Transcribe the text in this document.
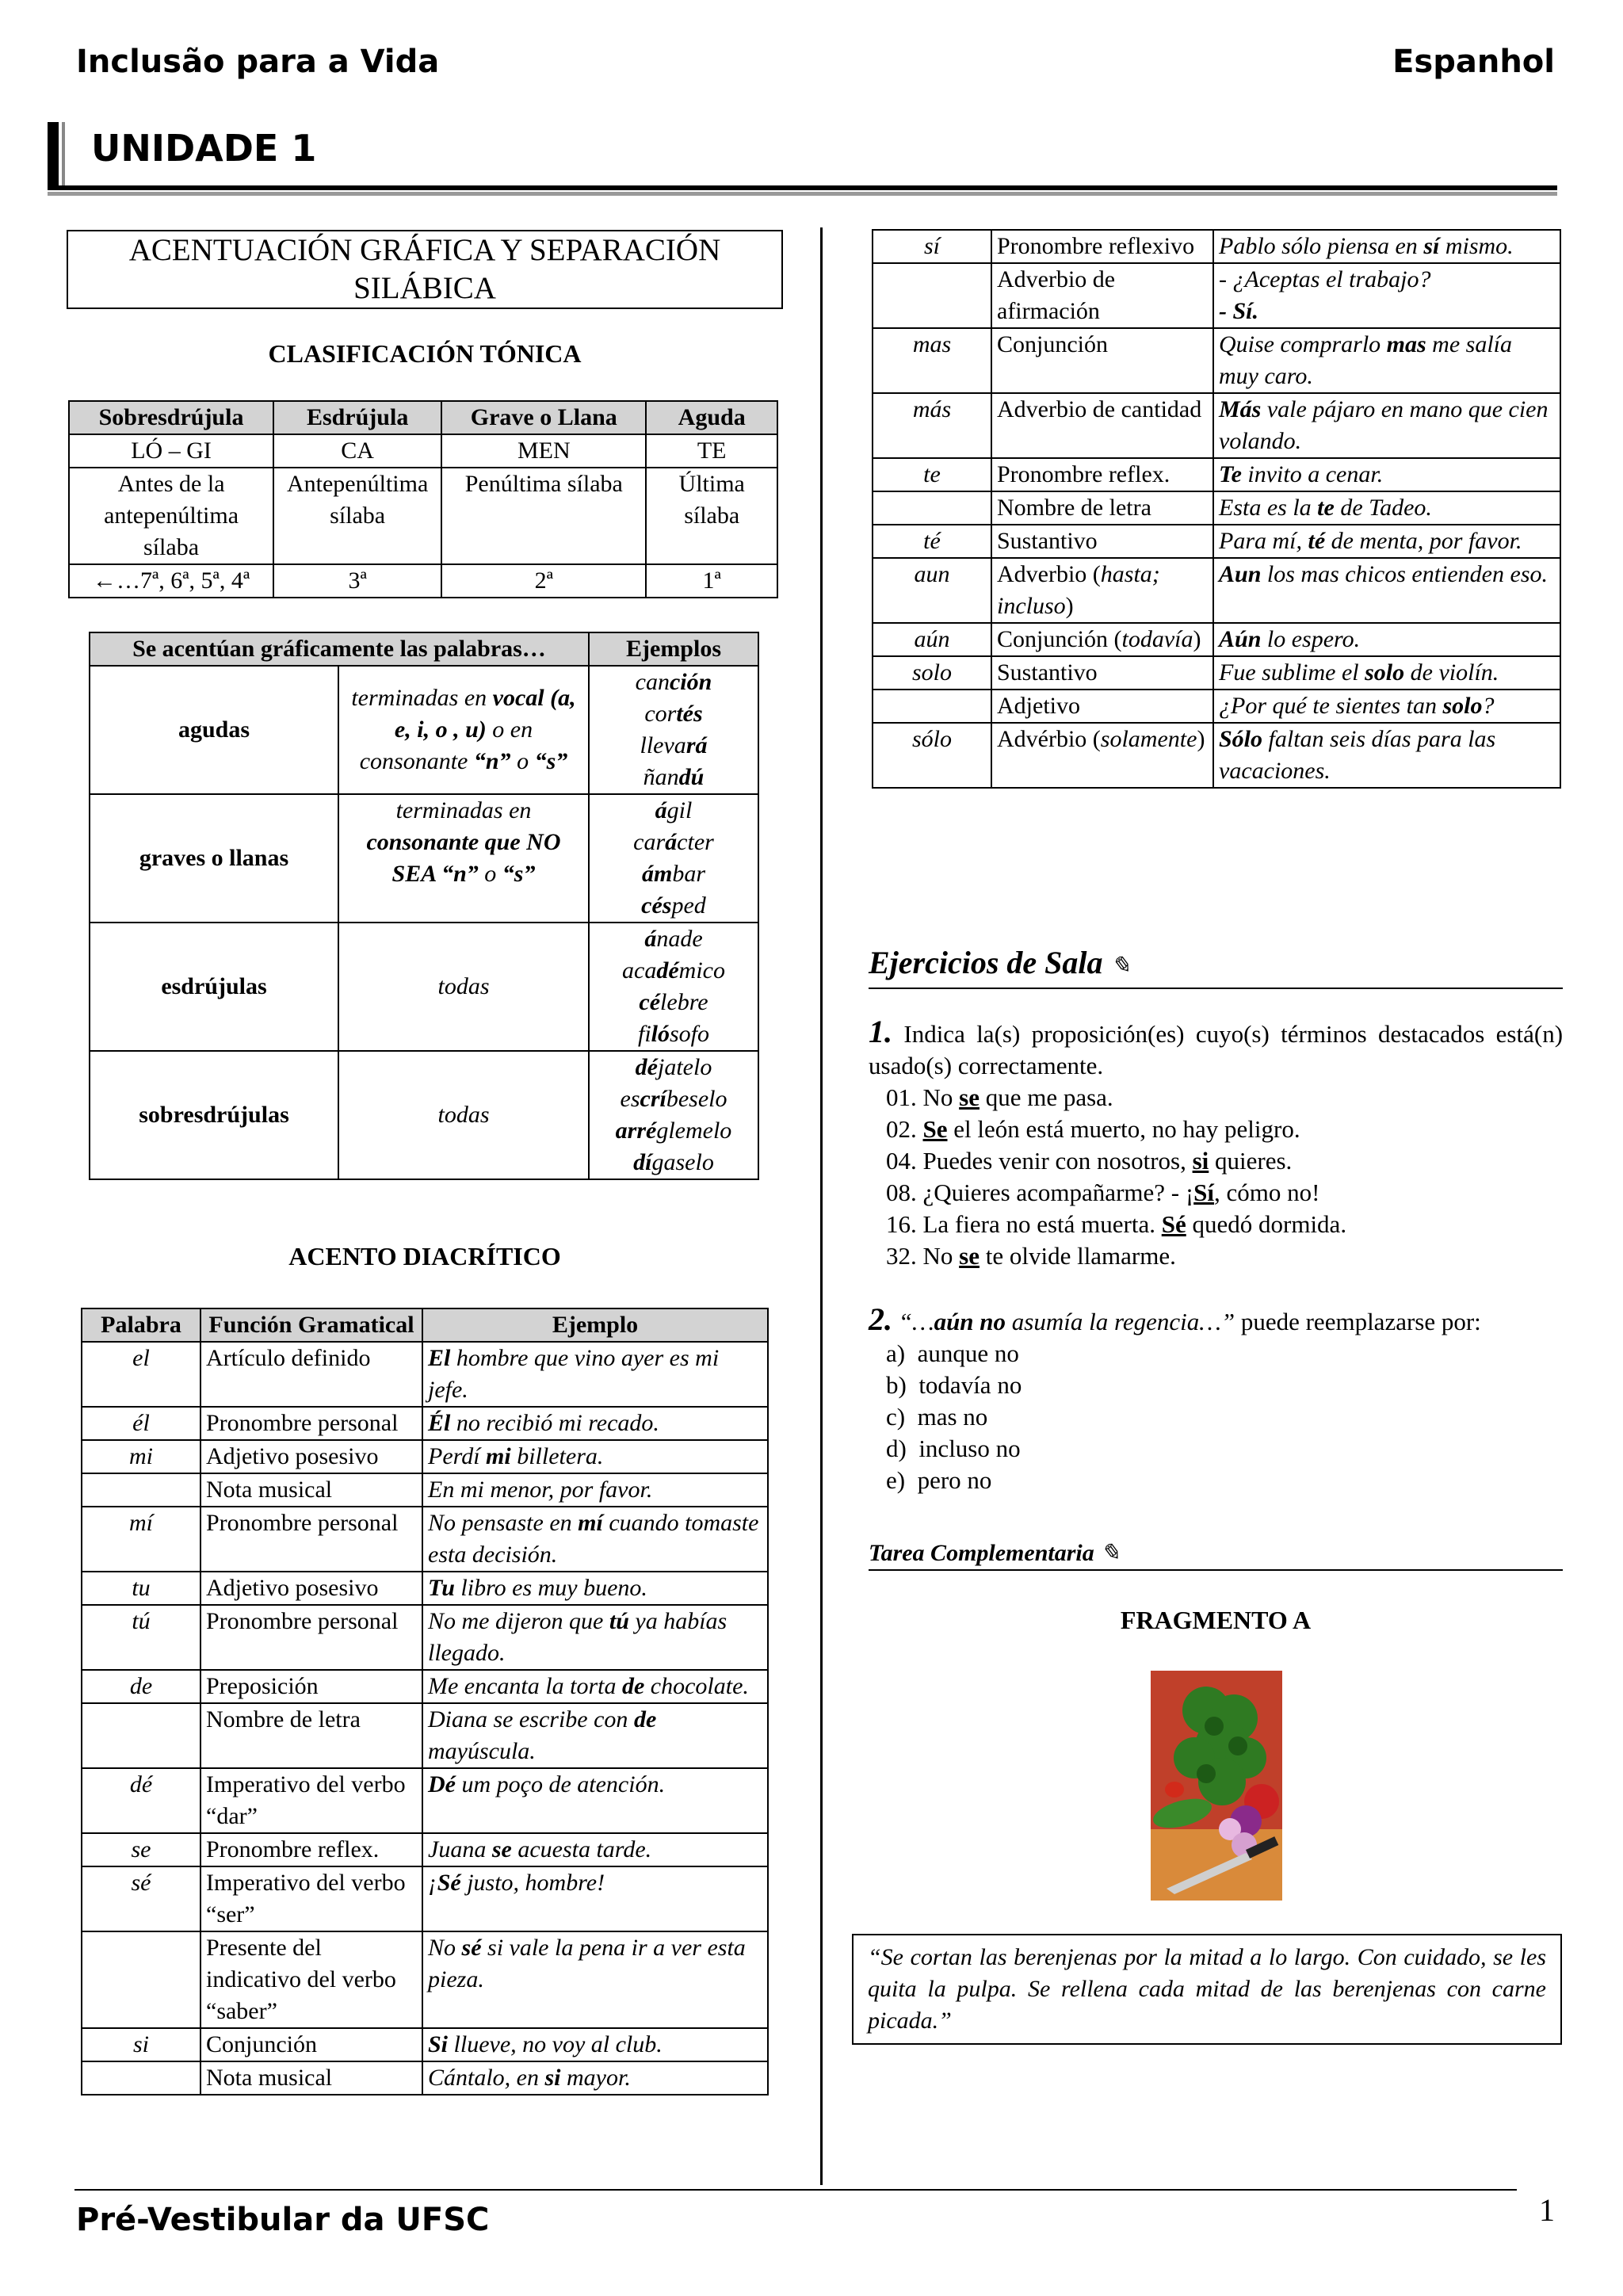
Inclusão para a Vida	Espanhol
UNIDADE 1
ACENTUACIÓN GRÁFICA Y SEPARACIÓN SILÁBICA
CLASIFICACIÓN TÓNICA
Sobresdrújula	Esdrújula	Grave o Llana	Aguda
LÓ – GI	CA	MEN	TE
Antes de la antepenúltima sílaba	Antepenúltima sílaba	Penúltima sílaba	Última sílaba
←…7ª, 6ª, 5ª, 4ª	3ª	2ª	1ª
Se acentúan gráficamente las palabras…		Ejemplos
agudas	terminadas en vocal (a, e, i, o , u) o en consonante “n” o “s”	canción
cortés
llevará
ñandú

graves o llanas	terminadas en consonante que NO SEA “n” o “s”	ágil
carácter
ámbar
césped

esdrújulas	todas	ánade
académico
célebre
filósofo

sobresdrújulas	todas	déjatelo
escríbeselo
arréglemelo
dígaselo
ACENTO DIACRÍTICO
Palabra	Función Gramatical	Ejemplo
el	Artículo definido	El hombre que vino ayer es mi jefe.
él	Pronombre personal	Él no recibió mi recado.
mi	Adjetivo posesivo	Perdí mi billetera.
	Nota musical	En mi menor, por favor.
mí	Pronombre personal	No pensaste en mí cuando tomaste esta decisión.
tu	Adjetivo posesivo	Tu libro es muy bueno.
tú	Pronombre personal	No me dijeron que tú ya habías llegado.
de	Preposición	Me encanta la torta de chocolate.
	Nombre de letra	Diana se escribe con de mayúscula.
dé	Imperativo del verbo “dar”	Dé um poço de atención.
se	Pronombre reflex.	Juana se acuesta tarde.
sé	Imperativo del verbo “ser”	¡Sé justo, hombre!
	Presente del indicativo del verbo “saber”	No sé si vale la pena ir a ver esta pieza.
si	Conjunción	Si llueve, no voy al club.
	Nota musical	Cántalo, en si mayor.
sí	Pronombre reflexivo	Pablo sólo piensa en sí mismo.
	Adverbio de afirmación	- ¿Aceptas el trabajo?
- Sí.
mas	Conjunción	Quise comprarlo mas me salía muy caro.
más	Adverbio de cantidad	Más vale pájaro en mano que cien volando.
te	Pronombre reflex.	Te invito a cenar.
	Nombre de letra	Esta es la te de Tadeo.
té	Sustantivo	Para mí, té de menta, por favor.
aun	Adverbio (hasta; incluso)	Aun los mas chicos entienden eso.
aún	Conjunción (todavía)	Aún lo espero.
solo	Sustantivo	Fue sublime el solo de violín.
	Adjetivo	¿Por qué te sientes tan solo?
sólo	Advérbio (solamente)	Sólo faltan seis días para las vacaciones.
Ejercicios de Sala ✎
1. Indica la(s) proposición(es) cuyo(s) términos destacados está(n) usado(s) correctamente.
01. No se que me pasa.
02. Se el león está muerto, no hay peligro.
04. Puedes venir con nosotros, si quieres.
08. ¿Quieres acompañarme? - ¡Sí, cómo no!
16. La fiera no está muerta. Sé quedó dormida.
32. No se te olvide llamarme.
2. “…aún no asumía la regencia…” puede reemplazarse por:
a)  aunque no
b)  todavía no
c)  mas no
d)  incluso no
e)  pero no
Tarea Complementaria ✎
FRAGMENTO A
“Se cortan las berenjenas por la mitad a lo largo. Con cuidado, se les quita la pulpa. Se rellena cada mitad de las berenjenas con carne picada.”
Pré-Vestibular da UFSC	1
